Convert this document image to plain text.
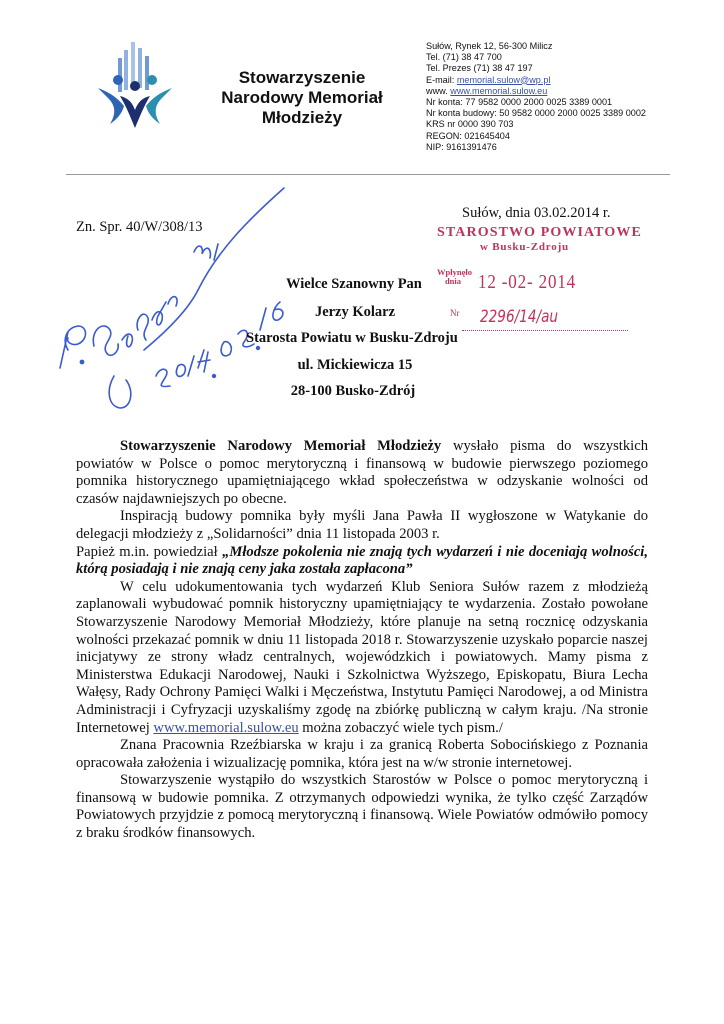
Stowarzyszenie
Narodowy Memoriał
Młodzieży
Sułów, Rynek 12, 56-300 Milicz
Tel. (71) 38 47 700
Tel. Prezes (71) 38 47 197
E-mail: memorial.sulow@wp.pl
www. www.memorial.sulow.eu
Nr konta: 77 9582 0000 2000 0025 3389 0001
Nr konta budowy: 50 9582 0000 2000 0025 3389 0002
KRS nr 0000 390 703
REGON: 021645404
NIP: 9161391476
Zn. Spr. 40/W/308/13
Sułów, dnia 03.02.2014 r.
STAROSTWO POWIATOWE
w Busku-Zdroju
Wpłynęło dnia 12 -02- 2014
Nr 2296/14/au
Wielce Szanowny Pan
Jerzy Kolarz
Starosta Powiatu w Busku-Zdroju
ul. Mickiewicza 15
28-100 Busko-Zdrój

Stowarzyszenie Narodowy Memoriał Młodzieży wysłało pisma do wszystkich powiatów w Polsce o pomoc merytoryczną i finansową w budowie pierwszego poziomego pomnika historycznego upamiętniającego wkład społeczeństwa w odzyskanie wolności od czasów najdawniejszych po obecne.

Inspiracją budowy pomnika były myśli Jana Pawła II wygłoszone w Watykanie do delegacji młodzieży z „Solidarności” dnia 11 listopada 2003 r.

Papież m.in. powiedział „Młodsze pokolenia nie znają tych wydarzeń i nie doceniają wolności, którą posiadają i nie znają ceny jaka została zapłacona”

W celu udokumentowania tych wydarzeń Klub Seniora Sułów razem z młodzieżą zaplanowali wybudować pomnik historyczny upamiętniający te wydarzenia. Zostało powołane Stowarzyszenie Narodowy Memoriał Młodzieży, które planuje na setną rocznicę odzyskania wolności przekazać pomnik w dniu 11 listopada 2018 r. Stowarzyszenie uzyskało poparcie naszej inicjatywy ze strony władz centralnych, wojewódzkich i powiatowych. Mamy pisma z Ministerstwa Edukacji Narodowej, Nauki i Szkolnictwa Wyższego, Episkopatu, Biura Lecha Wałęsy, Rady Ochrony Pamięci Walki i Męczeństwa, Instytutu Pamięci Narodowej, a od Ministra Administracji i Cyfryzacji uzyskaliśmy zgodę na zbiórkę publiczną w całym kraju. /Na stronie Internetowej www.memorial.sulow.eu można zobaczyć wiele tych pism./

Znana Pracownia Rzeźbiarska w kraju i za granicą Roberta Sobocińskiego z Poznania opracowała założenia i wizualizację pomnika, która jest na w/w stronie internetowej.

Stowarzyszenie wystąpiło do wszystkich Starostów w Polsce o pomoc merytoryczną i finansową w budowie pomnika. Z otrzymanych odpowiedzi wynika, że tylko część Zarządów Powiatowych przyjdzie z pomocą merytoryczną i finansową. Wiele Powiatów odmówiło pomocy z braku środków finansowych.
